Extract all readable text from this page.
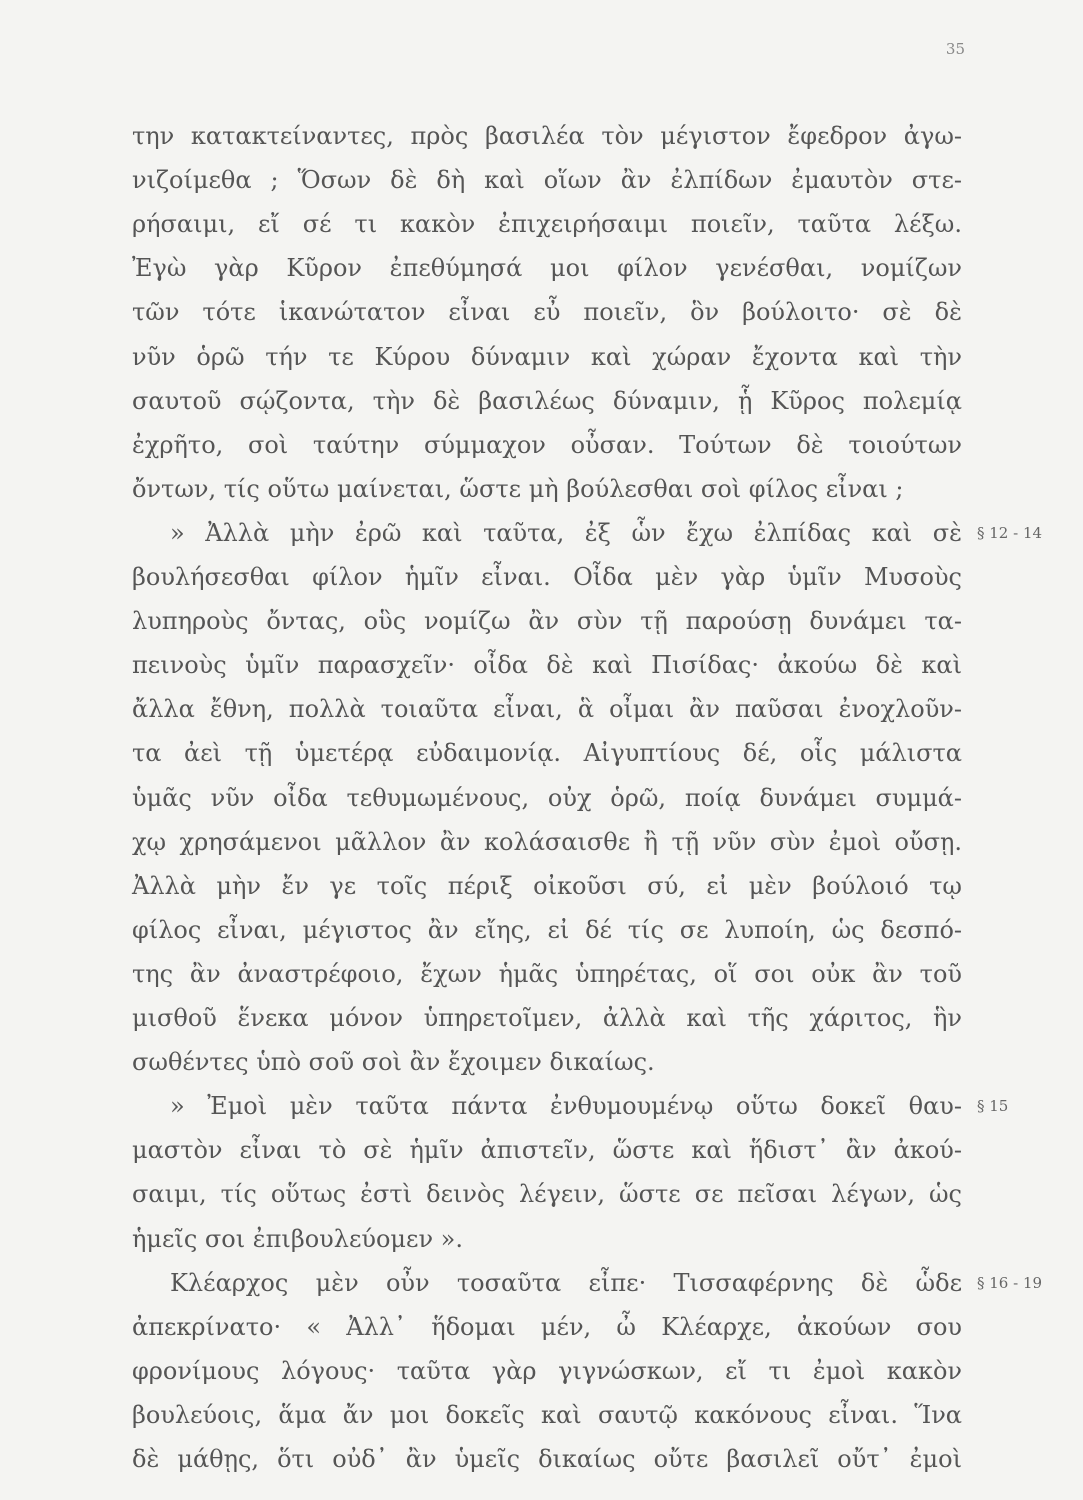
35
την κατακτείναντες, πρὸς βασιλέα τὸν μέγιστον ἔφεδρον ἀγω-
νιζοίμεθα ; Ὅσων δὲ δὴ καὶ οἵων ἂν ἐλπίδων ἐμαυτὸν στε-
ρήσαιμι, εἴ σέ τι κακὸν ἐπιχειρήσαιμι ποιεῖν, ταῦτα λέξω.
Ἐγὼ γὰρ Κῦρον ἐπεθύμησά μοι φίλον γενέσθαι, νομίζων
τῶν τότε ἱκανώτατον εἶναι εὖ ποιεῖν, ὃν βούλοιτο· σὲ δὲ
νῦν ὁρῶ τήν τε Κύρου δύναμιν καὶ χώραν ἔχοντα καὶ τὴν
σαυτοῦ σῴζοντα, τὴν δὲ βασιλέως δύναμιν, ᾗ Κῦρος πολεμίᾳ
ἐχρῆτο, σοὶ ταύτην σύμμαχον οὖσαν. Τούτων δὲ τοιούτων
ὄντων, τίς οὕτω μαίνεται, ὥστε μὴ βούλεσθαι σοὶ φίλος εἶναι ;
» Ἀλλὰ μὴν ἐρῶ καὶ ταῦτα, ἐξ ὧν ἔχω ἐλπίδας καὶ σὲ
βουλήσεσθαι φίλον ἡμῖν εἶναι. Οἶδα μὲν γὰρ ὑμῖν Μυσοὺς
λυπηροὺς ὄντας, οὓς νομίζω ἂν σὺν τῇ παρούσῃ δυνάμει τα-
πεινοὺς ὑμῖν παρασχεῖν· οἶδα δὲ καὶ Πισίδας· ἀκούω δὲ καὶ
ἄλλα ἔθνη, πολλὰ τοιαῦτα εἶναι, ἃ οἶμαι ἂν παῦσαι ἐνοχλοῦν-
τα ἀεὶ τῇ ὑμετέρᾳ εὐδαιμονίᾳ. Αἰγυπτίους δέ, οἷς μάλιστα
ὑμᾶς νῦν οἶδα τεθυμωμένους, οὐχ ὁρῶ, ποίᾳ δυνάμει συμμά-
χῳ χρησάμενοι μᾶλλον ἂν κολάσαισθε ἢ τῇ νῦν σὺν ἐμοὶ οὔσῃ.
Ἀλλὰ μὴν ἔν γε τοῖς πέριξ οἰκοῦσι σύ, εἰ μὲν βούλοιό τῳ
φίλος εἶναι, μέγιστος ἂν εἴης, εἰ δέ τίς σε λυποίη, ὡς δεσπό-
της ἂν ἀναστρέφοιο, ἔχων ἡμᾶς ὑπηρέτας, οἵ σοι οὐκ ἂν τοῦ
μισθοῦ ἕνεκα μόνον ὑπηρετοῖμεν, ἀλλὰ καὶ τῆς χάριτος, ἣν
σωθέντες ὑπὸ σοῦ σοὶ ἂν ἔχοιμεν δικαίως.
» Ἐμοὶ μὲν ταῦτα πάντα ἐνθυμουμένῳ οὕτω δοκεῖ θαυ-
μαστὸν εἶναι τὸ σὲ ἡμῖν ἀπιστεῖν, ὥστε καὶ ἥδιστ᾽ ἂν ἀκού-
σαιμι, τίς οὕτως ἐστὶ δεινὸς λέγειν, ὥστε σε πεῖσαι λέγων, ὡς
ἡμεῖς σοι ἐπιβουλεύομεν ».
Κλέαρχος μὲν οὖν τοσαῦτα εἶπε· Τισσαφέρνης δὲ ὧδε
ἀπεκρίνατο· « Ἀλλ᾽ ἥδομαι μέν, ὦ Κλέαρχε, ἀκούων σου
φρονίμους λόγους· ταῦτα γὰρ γιγνώσκων, εἴ τι ἐμοὶ κακὸν
βουλεύοις, ἅμα ἄν μοι δοκεῖς καὶ σαυτῷ κακόνους εἶναι. Ἵνα
δὲ μάθῃς, ὅτι οὐδ᾽ ἂν ὑμεῖς δικαίως οὔτε βασιλεῖ οὔτ᾽ ἐμοὶ
§ 12 - 14
§ 15
§ 16 - 19
